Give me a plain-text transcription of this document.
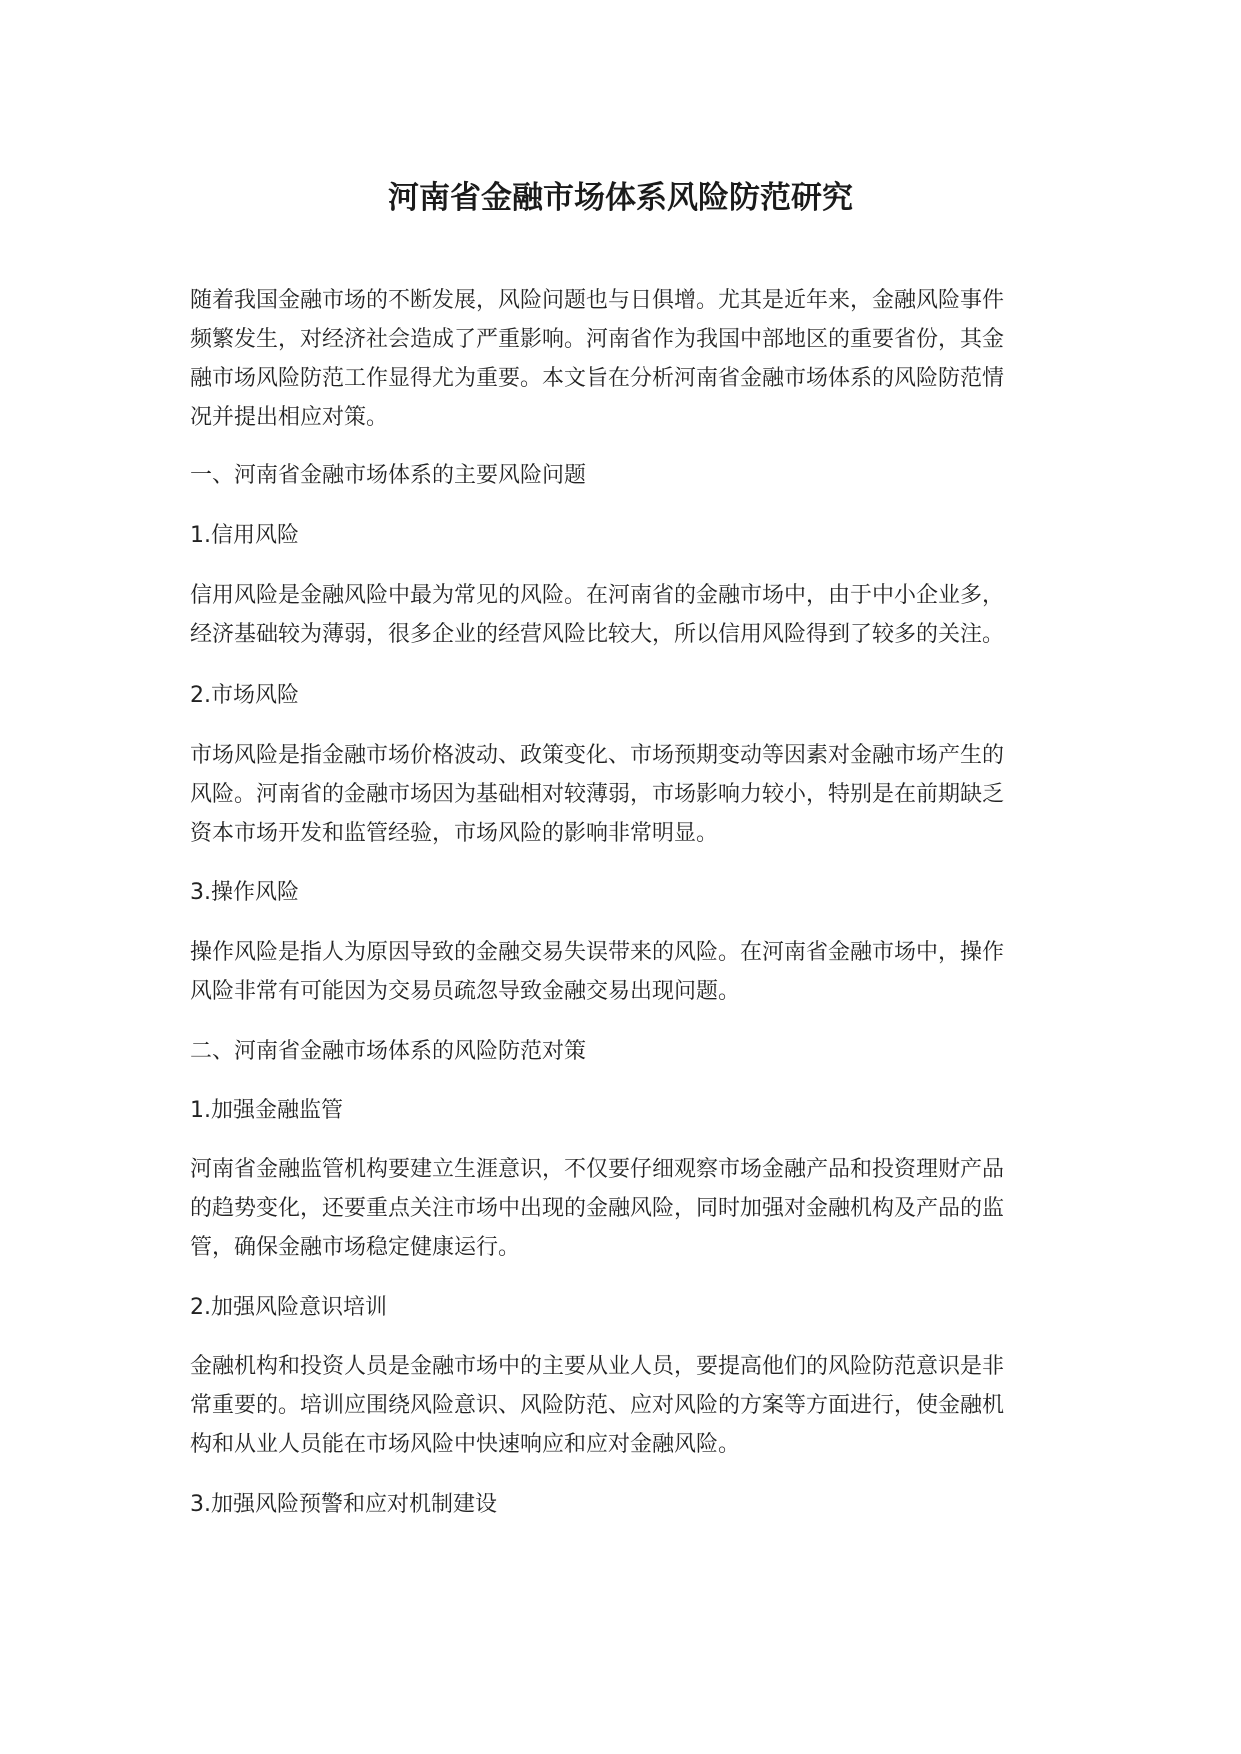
河南省金融市场体系风险防范研究

随着我国金融市场的不断发展，风险问题也与日俱增。尤其是近年来，金融风险事件
频繁发生，对经济社会造成了严重影响。河南省作为我国中部地区的重要省份，其金
融市场风险防范工作显得尤为重要。本文旨在分析河南省金融市场体系的风险防范情
况并提出相应对策。

一、河南省金融市场体系的主要风险问题

1.信用风险

信用风险是金融风险中最为常见的风险。在河南省的金融市场中，由于中小企业多，
经济基础较为薄弱，很多企业的经营风险比较大，所以信用风险得到了较多的关注。

2.市场风险

市场风险是指金融市场价格波动、政策变化、市场预期变动等因素对金融市场产生的
风险。河南省的金融市场因为基础相对较薄弱，市场影响力较小，特别是在前期缺乏
资本市场开发和监管经验，市场风险的影响非常明显。

3.操作风险

操作风险是指人为原因导致的金融交易失误带来的风险。在河南省金融市场中，操作
风险非常有可能因为交易员疏忽导致金融交易出现问题。

二、河南省金融市场体系的风险防范对策

1.加强金融监管

河南省金融监管机构要建立生涯意识，不仅要仔细观察市场金融产品和投资理财产品
的趋势变化，还要重点关注市场中出现的金融风险，同时加强对金融机构及产品的监
管，确保金融市场稳定健康运行。

2.加强风险意识培训

金融机构和投资人员是金融市场中的主要从业人员，要提高他们的风险防范意识是非
常重要的。培训应围绕风险意识、风险防范、应对风险的方案等方面进行，使金融机
构和从业人员能在市场风险中快速响应和应对金融风险。

3.加强风险预警和应对机制建设
